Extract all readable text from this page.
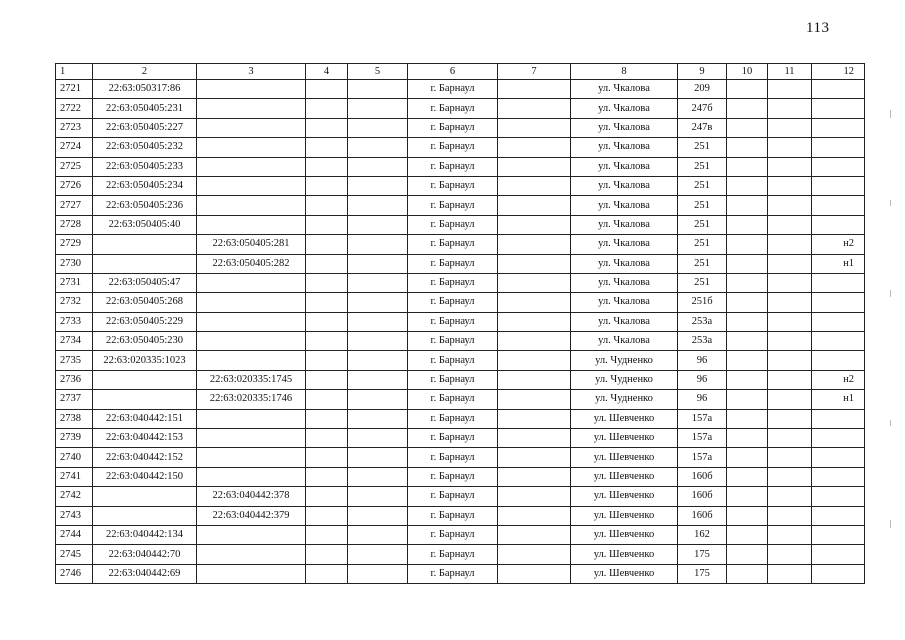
113
1	2	3	4	5	6	7	8	9	10	11	12
2721	22:63:050317:86				г. Барнаул		ул. Чкалова	209			
2722	22:63:050405:231				г. Барнаул		ул. Чкалова	247б			
2723	22:63:050405:227				г. Барнаул		ул. Чкалова	247в			
2724	22:63:050405:232				г. Барнаул		ул. Чкалова	251			
2725	22:63:050405:233				г. Барнаул		ул. Чкалова	251			
2726	22:63:050405:234				г. Барнаул		ул. Чкалова	251			
2727	22:63:050405:236				г. Барнаул		ул. Чкалова	251			
2728	22:63:050405:40				г. Барнаул		ул. Чкалова	251			
2729		22:63:050405:281			г. Барнаул		ул. Чкалова	251			н2
2730		22:63:050405:282			г. Барнаул		ул. Чкалова	251			н1
2731	22:63:050405:47				г. Барнаул		ул. Чкалова	251			
2732	22:63:050405:268				г. Барнаул		ул. Чкалова	251б			
2733	22:63:050405:229				г. Барнаул		ул. Чкалова	253а			
2734	22:63:050405:230				г. Барнаул		ул. Чкалова	253а			
2735	22:63:020335:1023				г. Барнаул		ул. Чудненко	96			
2736		22:63:020335:1745			г. Барнаул		ул. Чудненко	96			н2
2737		22:63:020335:1746			г. Барнаул		ул. Чудненко	96			н1
2738	22:63:040442:151				г. Барнаул		ул. Шевченко	157а			
2739	22:63:040442:153				г. Барнаул		ул. Шевченко	157а			
2740	22:63:040442:152				г. Барнаул		ул. Шевченко	157а			
2741	22:63:040442:150				г. Барнаул		ул. Шевченко	160б			
2742		22:63:040442:378			г. Барнаул		ул. Шевченко	160б			
2743		22:63:040442:379			г. Барнаул		ул. Шевченко	160б			
2744	22:63:040442:134				г. Барнаул		ул. Шевченко	162			
2745	22:63:040442:70				г. Барнаул		ул. Шевченко	175			
2746	22:63:040442:69				г. Барнаул		ул. Шевченко	175			
